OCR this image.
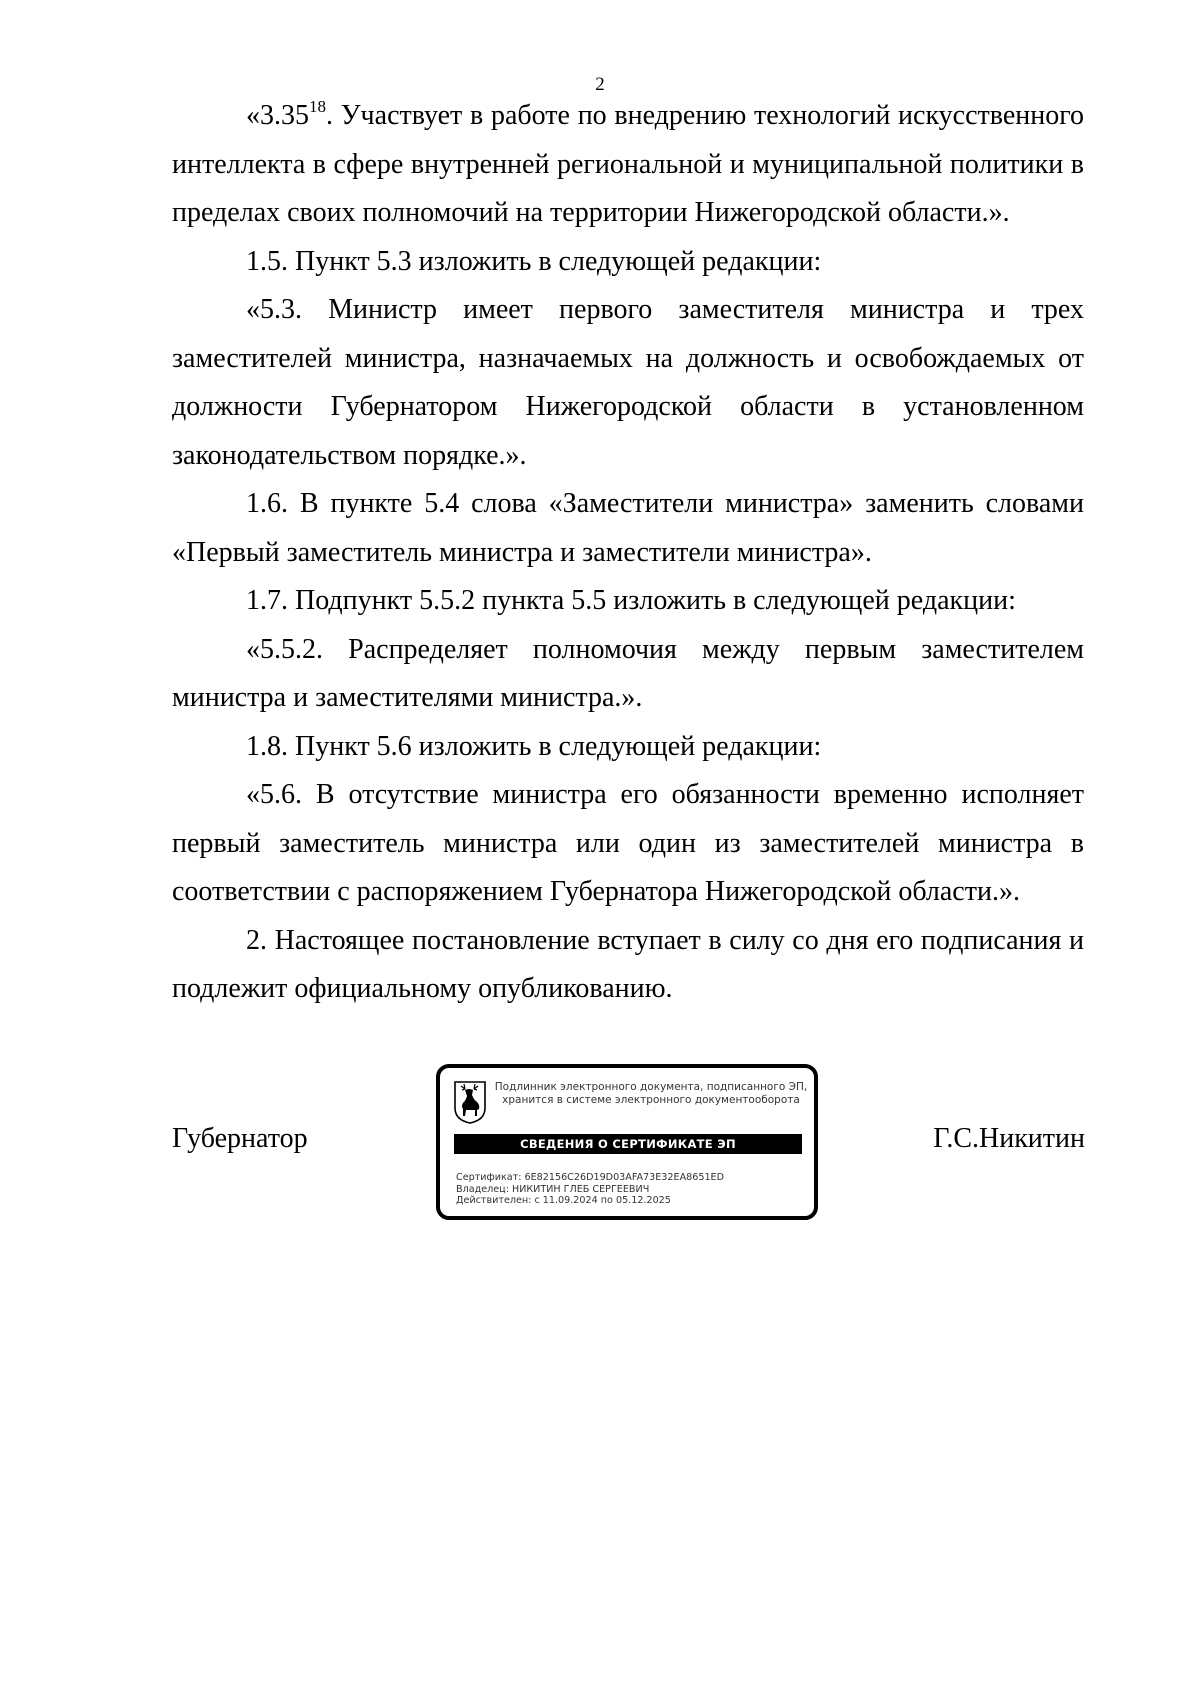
2

«3.35$^{18}$. Участвует в работе по внедрению технологий искусственного интеллекта в сфере внутренней региональной и муниципальной политики в пределах своих полномочий на территории Нижегородской области.».

1.5. Пункт 5.3 изложить в следующей редакции:

«5.3. Министр имеет первого заместителя министра и трех заместителей министра, назначаемых на должность и освобождаемых от должности Губернатором Нижегородской области в установленном законодательством порядке.».

1.6. В пункте 5.4 слова «Заместители министра» заменить словами «Первый заместитель министра и заместители министра».

1.7. Подпункт 5.5.2 пункта 5.5 изложить в следующей редакции:

«5.5.2. Распределяет полномочия между первым заместителем министра и заместителями министра.».

1.8. Пункт 5.6 изложить в следующей редакции:

«5.6. В отсутствие министра его обязанности временно исполняет первый заместитель министра или один из заместителей министра в соответствии с распоряжением Губернатора Нижегородской области.».

2. Настоящее постановление вступает в силу со дня его подписания и подлежит официальному опубликованию.

Губернатор	Г.С.Никитин
Подлинник электронного документа, подписанного ЭП,
хранится в системе электронного документооборота
СВЕДЕНИЯ О СЕРТИФИКАТЕ ЭП
Сертификат: 6E82156C26D19D03AFA73E32EA8651ED
Владелец: НИКИТИН ГЛЕБ СЕРГЕЕВИЧ
Действителен: с 11.09.2024 по 05.12.2025
